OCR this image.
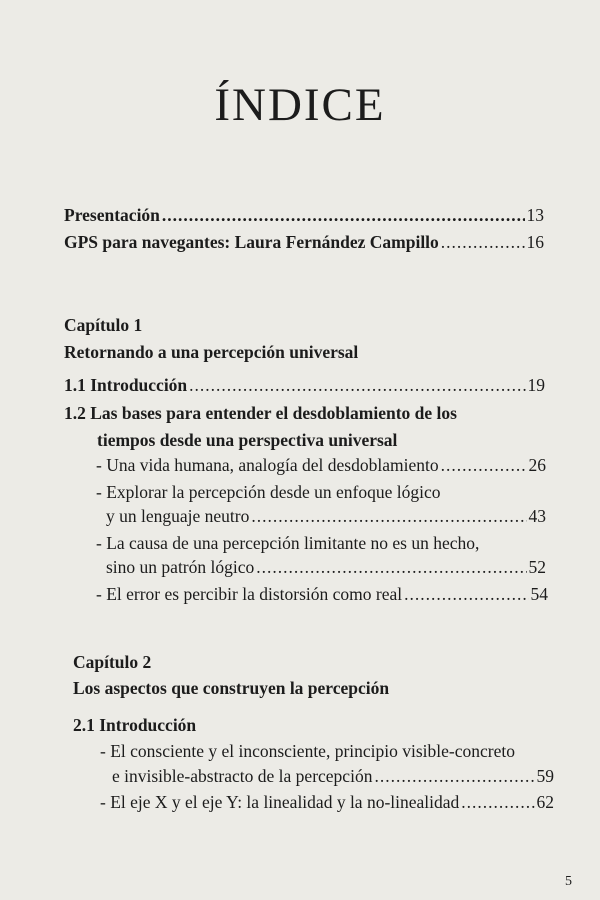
ÍNDICE
Presentación .....	13
GPS para navegantes: Laura Fernández Campillo .....	16
Capítulo 1
Retornando a una percepción universal
1.1 Introducción .....	19
1.2 Las bases para entender el desdoblamiento de los
tiempos desde una perspectiva universal
- Una vida humana, analogía del desdoblamiento .....	26
- Explorar la percepción desde un enfoque lógico
y un lenguaje neutro .....	43
- La causa de una percepción limitante no es un hecho,
sino un patrón lógico .....	52
- El error es percibir la distorsión como real .....	54
Capítulo 2
Los aspectos que construyen la percepción
2.1 Introducción
- El consciente y el inconsciente, principio visible-concreto
e invisible-abstracto de la percepción .....	59
- El eje X y el eje Y: la linealidad y la no-linealidad .....	62
5
